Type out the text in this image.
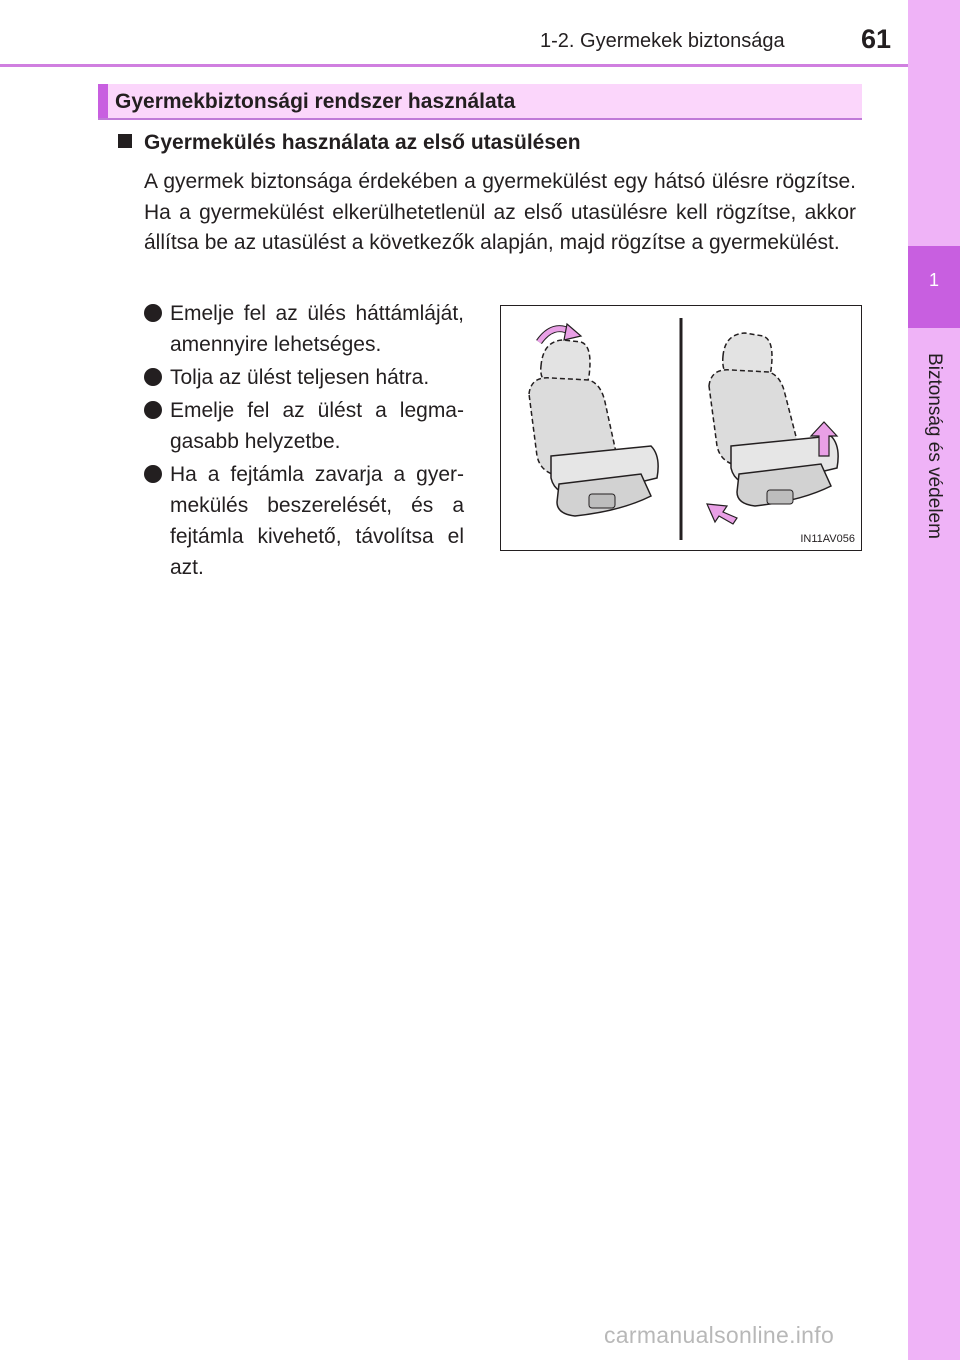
1-2. Gyermekek biztonsága	61
1
Biztonság és védelem
Gyermekbiztonsági rendszer használata
Gyermekülés használata az első utasülésen
A gyermek biztonsága érdekében a gyermekülést egy hátsó ülésre rögzítse. Ha a gyermekülést elkerülhetetlenül az első utasülésre kell rögzítse, akkor állítsa be az utasülést a következők alapján, majd rögzítse a gyermekülést.
Emelje fel az ülés háttámláját, amennyire lehetséges.
Tolja az ülést teljesen hátra.
Emelje fel az ülést a legmagasabb helyzetbe.
Ha a fejtámla zavarja a gyermekülés beszerelését, és a fejtámla kivehető, távolítsa el azt.
IN11AV056
carmanualsonline.info
